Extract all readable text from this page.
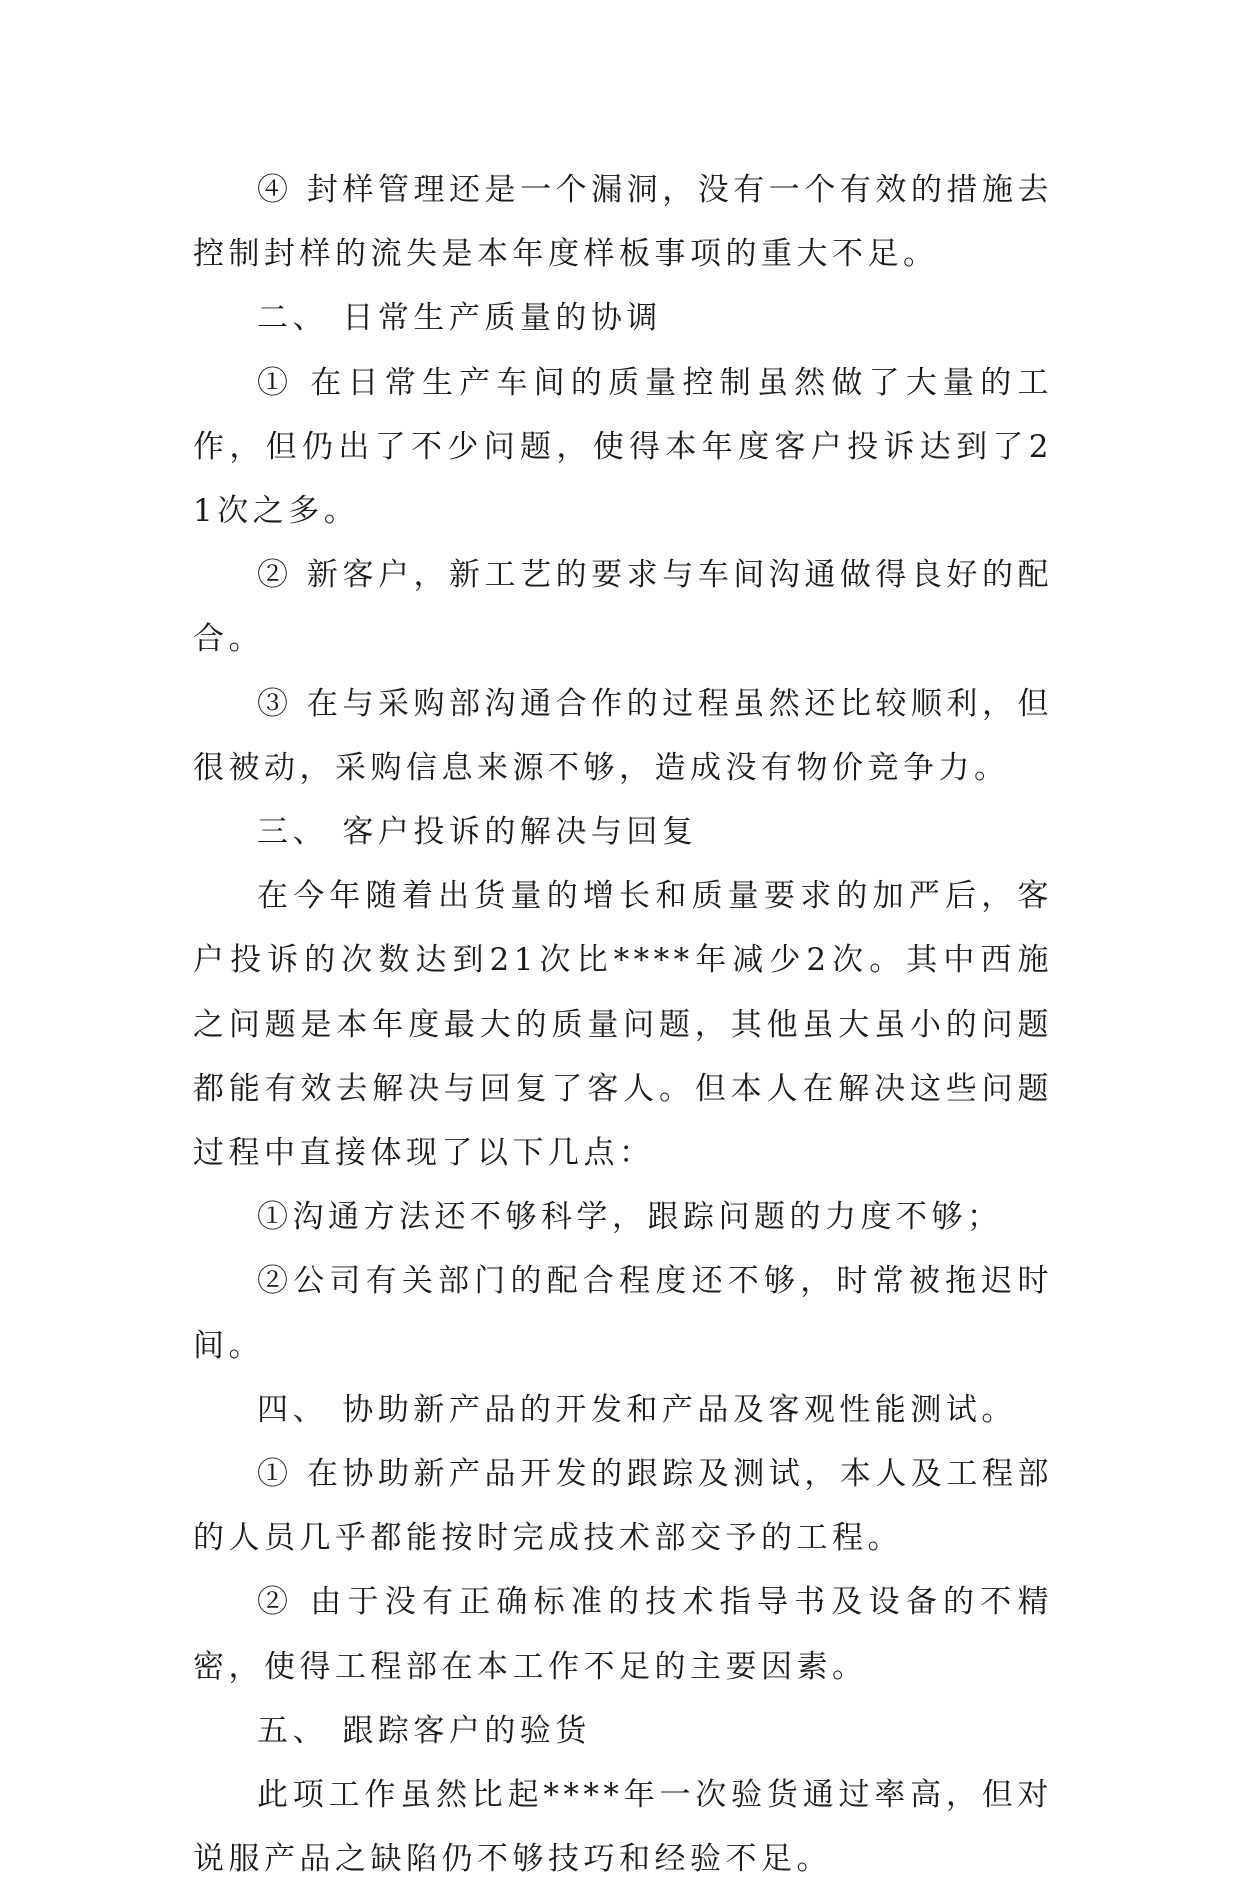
④ 封样管理还是一个漏洞，没有一个有效的措施去控制封样的流失是本年度样板事项的重大不足。

二、 日常生产质量的协调

① 在日常生产车间的质量控制虽然做了大量的工作，但仍出了不少问题，使得本年度客户投诉达到了21次之多。

② 新客户，新工艺的要求与车间沟通做得良好的配合。

③ 在与采购部沟通合作的过程虽然还比较顺利，但很被动，采购信息来源不够，造成没有物价竞争力。

三、 客户投诉的解决与回复

在今年随着出货量的增长和质量要求的加严后，客户投诉的次数达到21次比****年减少2次。其中西施之问题是本年度最大的质量问题，其他虽大虽小的问题都能有效去解决与回复了客人。但本人在解决这些问题过程中直接体现了以下几点：

①沟通方法还不够科学，跟踪问题的力度不够；

②公司有关部门的配合程度还不够，时常被拖迟时间。

四、 协助新产品的开发和产品及客观性能测试。

① 在协助新产品开发的跟踪及测试，本人及工程部的人员几乎都能按时完成技术部交予的工程。

② 由于没有正确标准的技术指导书及设备的不精密，使得工程部在本工作不足的主要因素。

五、 跟踪客户的验货

此项工作虽然比起****年一次验货通过率高，但对说服产品之缺陷仍不够技巧和经验不足。
